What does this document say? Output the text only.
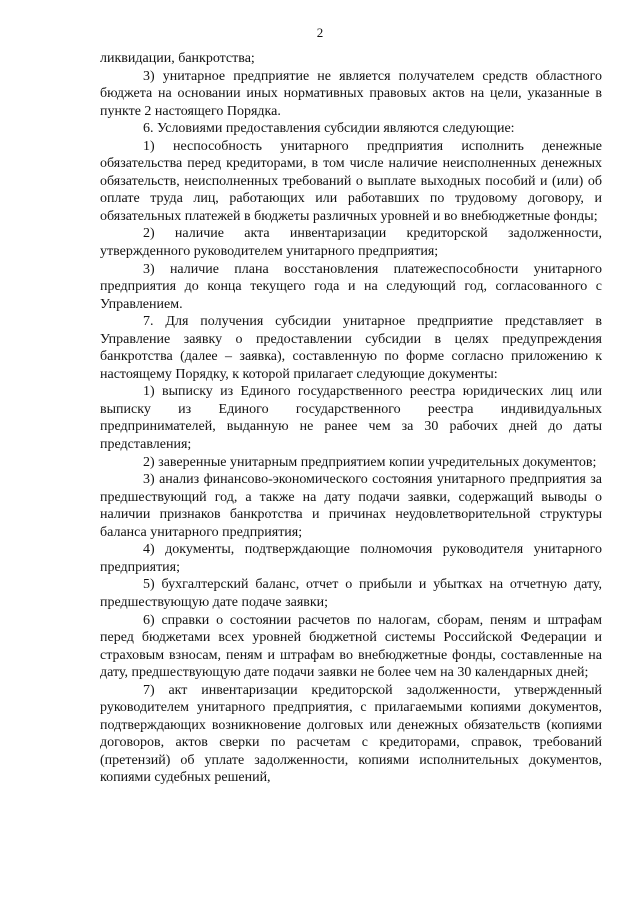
2

ликвидации, банкротства;

3) унитарное предприятие не является получателем средств областного бюджета на основании иных нормативных правовых актов на цели, указанные в пункте 2 настоящего Порядка.

6. Условиями предоставления субсидии являются следующие:

1) неспособность унитарного предприятия исполнить денежные обязательства перед кредиторами, в том числе наличие неисполненных денежных обязательств, неисполненных требований о выплате выходных пособий и (или) об оплате труда лиц, работающих или работавших по трудовому договору, и обязательных платежей в бюджеты различных уровней и во внебюджетные фонды;

2) наличие акта инвентаризации кредиторской задолженности, утвержденного руководителем унитарного предприятия;

3) наличие плана восстановления платежеспособности унитарного предприятия до конца текущего года и на следующий год, согласованного с Управлением.

7. Для получения субсидии унитарное предприятие представляет в Управление заявку о предоставлении субсидии в целях предупреждения банкротства (далее – заявка), составленную по форме согласно приложению к настоящему Порядку, к которой прилагает следующие документы:

1) выписку из Единого государственного реестра юридических лиц или выписку из Единого государственного реестра индивидуальных предпринимателей, выданную не ранее чем за 30 рабочих дней до даты представления;

2) заверенные унитарным предприятием копии учредительных документов;

3) анализ финансово-экономического состояния унитарного предприятия за предшествующий год, а также на дату подачи заявки, содержащий выводы о наличии признаков банкротства и причинах неудовлетворительной структуры баланса унитарного предприятия;

4) документы, подтверждающие полномочия руководителя унитарного предприятия;

5) бухгалтерский баланс, отчет о прибыли и убытках на отчетную дату, предшествующую дате подаче заявки;

6) справки о состоянии расчетов по налогам, сборам, пеням и штрафам перед бюджетами всех уровней бюджетной системы Российской Федерации и страховым взносам, пеням и штрафам во внебюджетные фонды, составленные на дату, предшествующую дате подачи заявки не более чем на 30 календарных дней;

7) акт инвентаризации кредиторской задолженности, утвержденный руководителем унитарного предприятия, с прилагаемыми копиями документов, подтверждающих возникновение долговых или денежных обязательств (копиями договоров, актов сверки по расчетам с кредиторами, справок, требований (претензий) об уплате задолженности, копиями исполнительных документов, копиями судебных решений,
